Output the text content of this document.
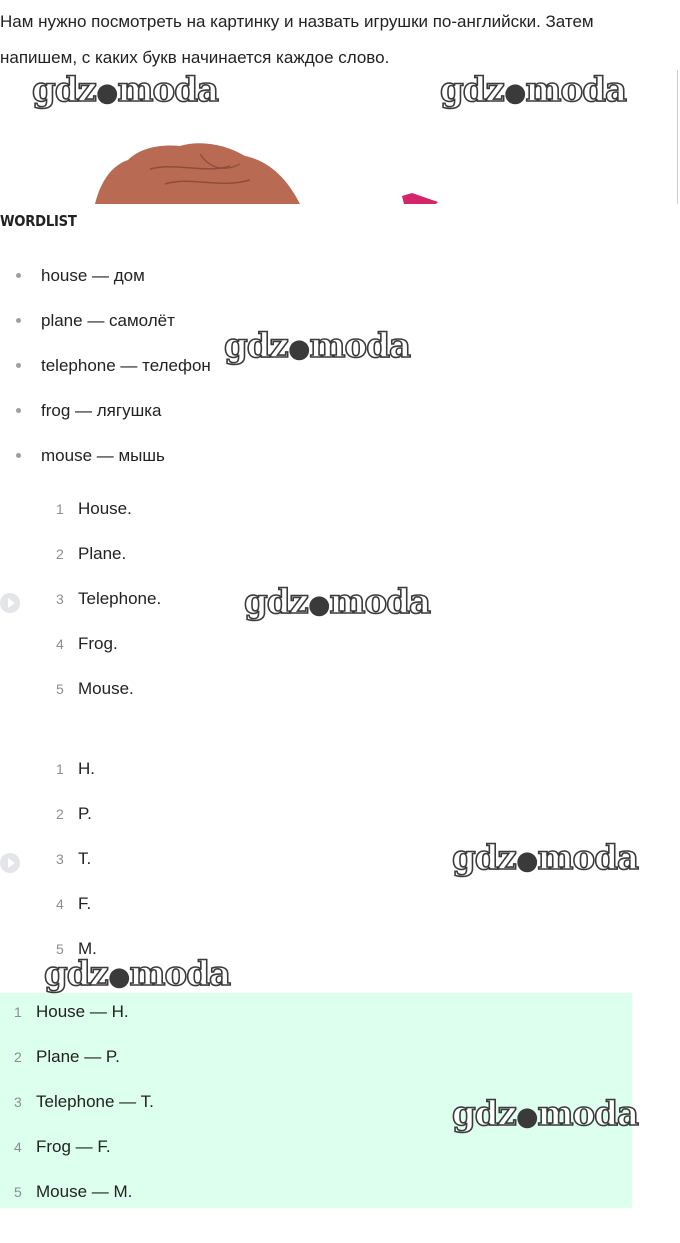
Нам нужно посмотреть на картинку и назвать игрушки по-английски. Затем напишем, с каких букв начинается каждое слово.

WORDLIST
house — дом
plane — самолёт
telephone — телефон
frog — лягушка
mouse — мышь
1 House.
2 Plane.
3 Telephone.
4 Frog.
5 Mouse.
1 H.
2 P.
3 T.
4 F.
5 M.
1 House — H.
2 Plane — P.
3 Telephone — T.
4 Frog — F.
5 Mouse — M.
gdz●moda	gdz●moda
gdz●moda
gdz●moda
gdz●moda
gdz●moda
gdz●moda
